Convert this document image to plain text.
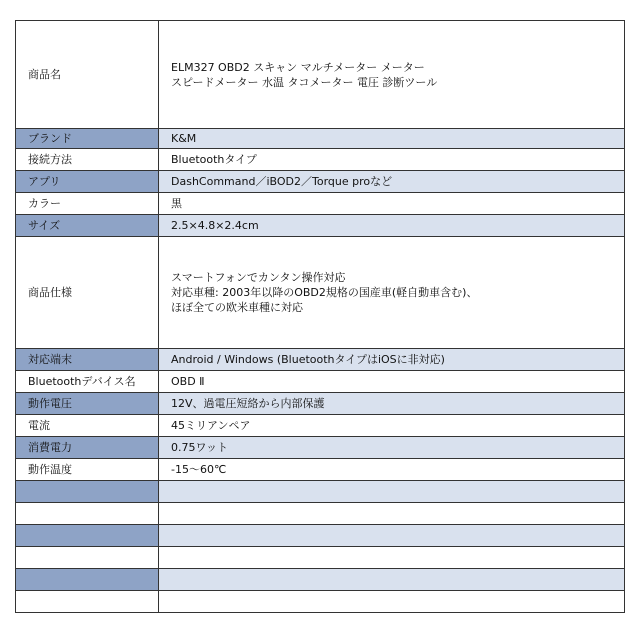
商品名	ELM327 OBD2 スキャン マルチメーター メーター
スピードメーター 水温 タコメーター 電圧 診断ツール

ブランド	K&M

接続方法	Bluetoothタイプ

アプリ	DashCommand／iBOD2／Torque proなど

カラー	黒

サイズ	2.5×4.8×2.4cm

商品仕様	スマートフォンでカンタン操作対応
対応車種: 2003年以降のOBD2規格の国産車(軽自動車含む)、
ほぼ全ての欧米車種に対応

対応端末	Android / Windows (BluetoothタイプはiOSに非対応)

Bluetoothデバイス名	OBD Ⅱ

動作電圧	12V、過電圧短絡から内部保護

電流	45ミリアンペア

消費電力	0.75ワット

動作温度	-15～60℃
